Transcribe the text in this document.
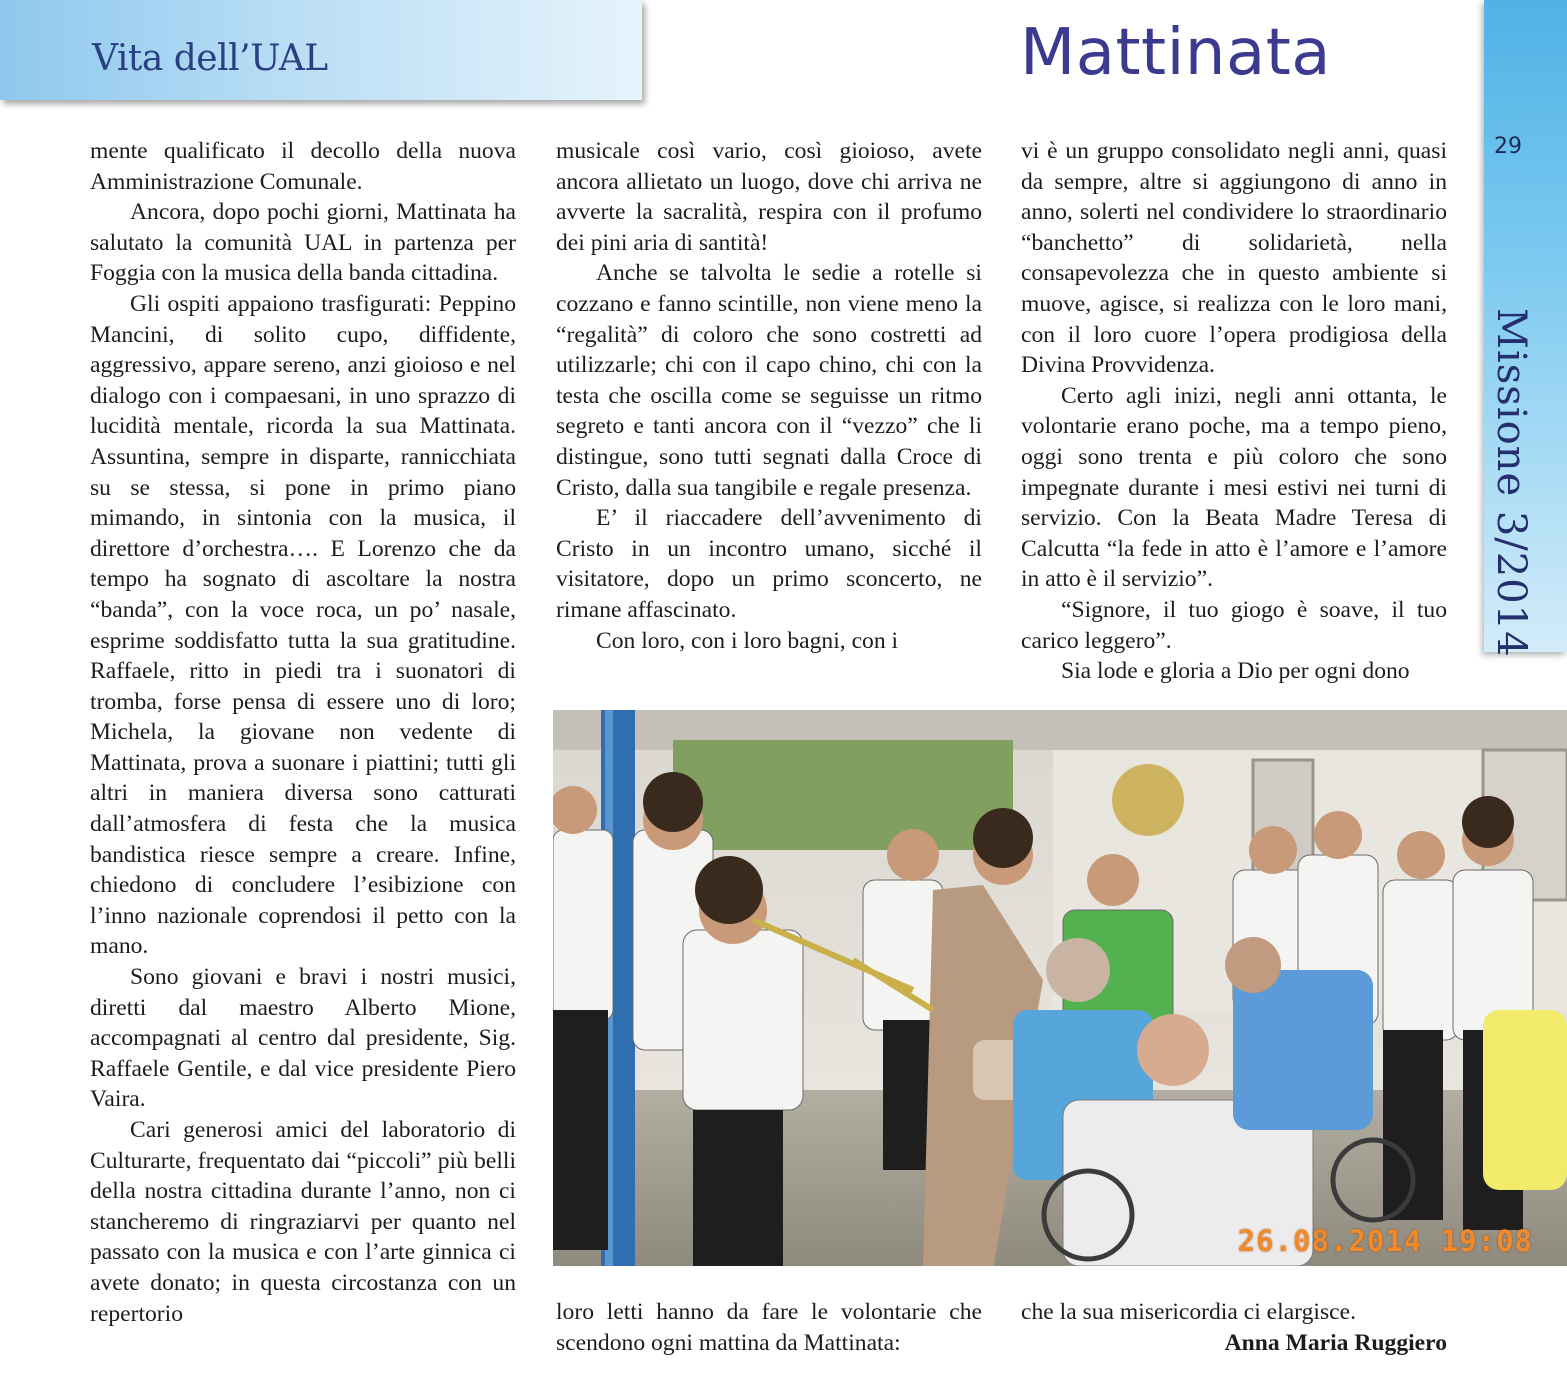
Vita dell’UAL	Mattinata
29
Missione 3/2014

mente qualificato il decollo della nuova Amministrazione Comunale.

Ancora, dopo pochi giorni, Mattinata ha salutato la comunità UAL in partenza per Foggia con la musica della banda cittadina.

Gli ospiti appaiono trasfigurati: Peppino Mancini, di solito cupo, diffidente, aggressivo, appare sereno, anzi gioioso e nel dialogo con i compaesani, in uno sprazzo di lucidità mentale, ricorda la sua Mattinata. Assuntina, sempre in disparte, rannicchiata su se stessa, si pone in primo piano mimando, in sintonia con la musica, il direttore d’orchestra…. E Lorenzo che da tempo ha sognato di ascoltare la nostra “banda”, con la voce roca, un po’ nasale, esprime soddisfatto tutta la sua gratitudine. Raffaele, ritto in piedi tra i suonatori di tromba, forse pensa di essere uno di loro; Michela, la giovane non vedente di Mattinata, prova a suonare i piattini; tutti gli altri in maniera diversa sono catturati dall’atmosfera di festa che la musica bandistica riesce sempre a creare. Infine, chiedono di concludere l’esibizione con l’inno nazionale coprendosi il petto con la mano.

Sono giovani e bravi i nostri musici, diretti dal maestro Alberto Mione, accompagnati al centro dal presidente, Sig. Raffaele Gentile, e dal vice presidente Piero Vaira.

Cari generosi amici del laboratorio di Culturarte, frequentato dai “piccoli” più belli della nostra cittadina durante l’anno, non ci stancheremo di ringraziarvi per quanto nel passato con la musica e con l’arte ginnica ci avete donato; in questa circostanza con un repertorio

musicale così vario, così gioioso, avete ancora allietato un luogo, dove chi arriva ne avverte la sacralità, respira con il profumo dei pini aria di santità!

Anche se talvolta le sedie a rotelle si cozzano e fanno scintille, non viene meno la “regalità” di coloro che sono costretti ad utilizzarle; chi con il capo chino, chi con la testa che oscilla come se seguisse un ritmo segreto e tanti ancora con il “vezzo” che li distingue, sono tutti segnati dalla Croce di Cristo, dalla sua tangibile e regale presenza.

E’ il riaccadere dell’avvenimento di Cristo in un incontro umano, sicché il visitatore, dopo un primo sconcerto, ne rimane affascinato.

Con loro, con i loro bagni, con i

vi è un gruppo consolidato negli anni, quasi da sempre, altre si aggiungono di anno in anno, solerti nel condividere lo straordinario “banchetto” di solidarietà, nella consapevolezza che in questo ambiente si muove, agisce, si realizza con le loro mani, con il loro cuore l’opera prodigiosa della Divina Provvidenza.

Certo agli inizi, negli anni ottanta, le volontarie erano poche, ma a tempo pieno, oggi sono trenta e più coloro che sono impegnate durante i mesi estivi nei turni di servizio. Con la Beata Madre Teresa di Calcutta “la fede in atto è l’amore e l’amore in atto è il servizio”.

“Signore, il tuo giogo è soave, il tuo carico leggero”.

Sia lode e gloria a Dio per ogni dono

26.08.2014 19:08

loro letti hanno da fare le volontarie che scendono ogni mattina da Mattinata:

che la sua misericordia ci elargisce.

Anna Maria Ruggiero
